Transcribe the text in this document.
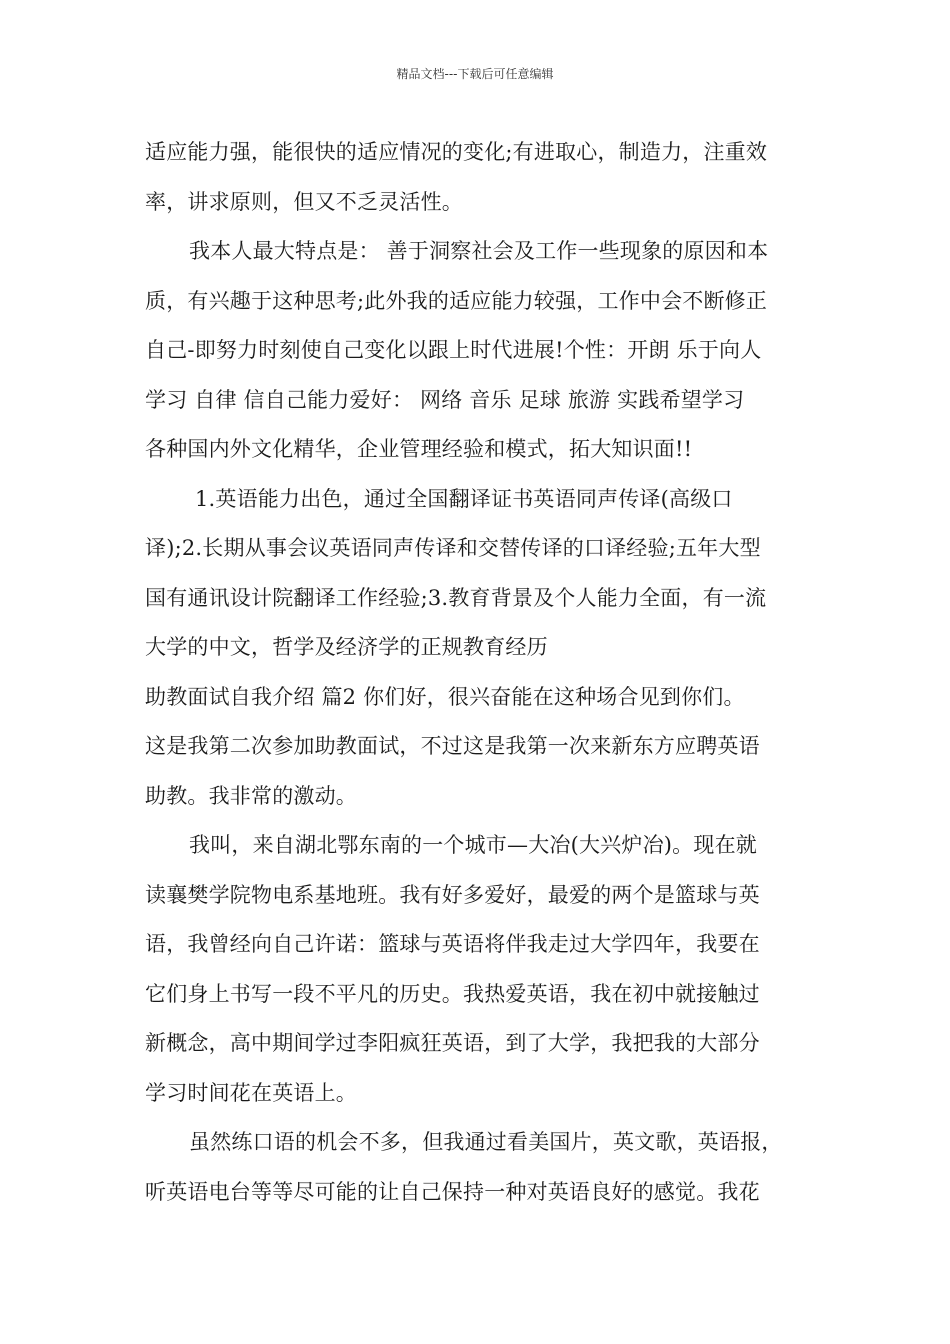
精品文档---下载后可任意编辑

适应能力强，能很快的适应情况的变化;有进取心，制造力，注重效

率，讲求原则，但又不乏灵活性。

我本人最大特点是： 善于洞察社会及工作一些现象的原因和本

质，有兴趣于这种思考;此外我的适应能力较强，工作中会不断修正

自己-即努力时刻使自己变化以跟上时代进展!个性：开朗 乐于向人

学习 自律 信自己能力爱好： 网络 音乐 足球 旅游 实践希望学习

各种国内外文化精华，企业管理经验和模式，拓大知识面!!

1.英语能力出色，通过全国翻译证书英语同声传译(高级口

译);2.长期从事会议英语同声传译和交替传译的口译经验;五年大型

国有通讯设计院翻译工作经验;3.教育背景及个人能力全面，有一流

大学的中文，哲学及经济学的正规教育经历

助教面试自我介绍 篇2 你们好，很兴奋能在这种场合见到你们。

这是我第二次参加助教面试，不过这是我第一次来新东方应聘英语

助教。我非常的激动。

我叫，来自湖北鄂东南的一个城市—大冶(大兴炉冶)。现在就

读襄樊学院物电系基地班。我有好多爱好，最爱的两个是篮球与英

语，我曾经向自己许诺：篮球与英语将伴我走过大学四年，我要在

它们身上书写一段不平凡的历史。我热爱英语，我在初中就接触过

新概念，高中期间学过李阳疯狂英语，到了大学，我把我的大部分

学习时间花在英语上。

虽然练口语的机会不多，但我通过看美国片，英文歌，英语报，

听英语电台等等尽可能的让自己保持一种对英语良好的感觉。我花
